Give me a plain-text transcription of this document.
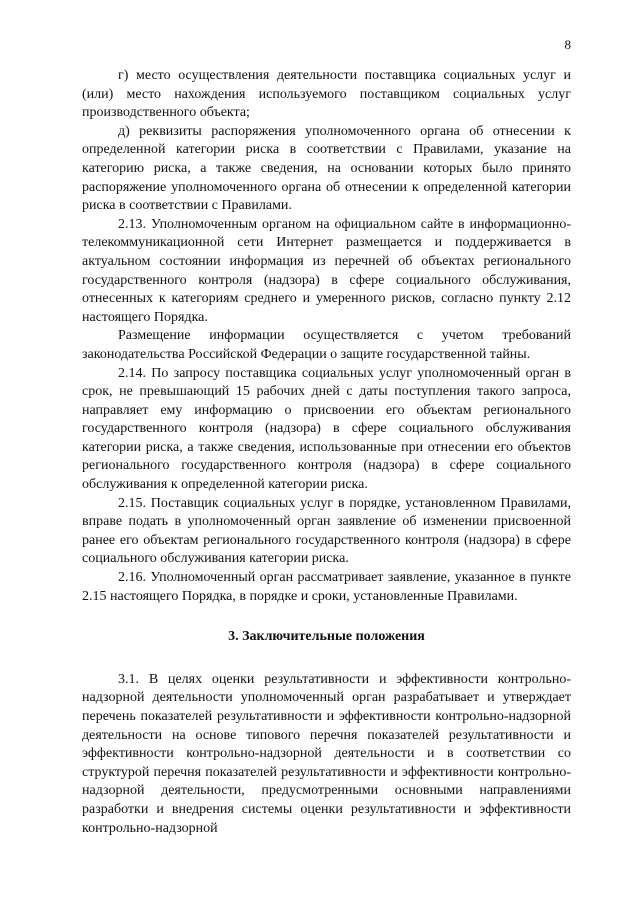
8

г) место осуществления деятельности поставщика социальных услуг и (или) место нахождения используемого поставщиком социальных услуг производственного объекта;

д) реквизиты распоряжения уполномоченного органа об отнесении к определенной категории риска в соответствии с Правилами, указание на категорию риска, а также сведения, на основании которых было принято распоряжение уполномоченного органа об отнесении к определенной категории риска в соответствии с Правилами.

2.13. Уполномоченным органом на официальном сайте в информационно-телекоммуникационной сети Интернет размещается и поддерживается в актуальном состоянии информация из перечней об объектах регионального государственного контроля (надзора) в сфере социального обслуживания, отнесенных к категориям среднего и умеренного рисков, согласно пункту 2.12 настоящего Порядка.

Размещение информации осуществляется с учетом требований законодательства Российской Федерации о защите государственной тайны.

2.14. По запросу поставщика социальных услуг уполномоченный орган в срок, не превышающий 15 рабочих дней с даты поступления такого запроса, направляет ему информацию о присвоении его объектам регионального государственного контроля (надзора) в сфере социального обслуживания категории риска, а также сведения, использованные при отнесении его объектов регионального государственного контроля (надзора) в сфере социального обслуживания к определенной категории риска.

2.15. Поставщик социальных услуг в порядке, установленном Правилами, вправе подать в уполномоченный орган заявление об изменении присвоенной ранее его объектам регионального государственного контроля (надзора) в сфере социального обслуживания категории риска.

2.16. Уполномоченный орган рассматривает заявление, указанное в пункте 2.15 настоящего Порядка, в порядке и сроки, установленные Правилами.

3. Заключительные положения

3.1. В целях оценки результативности и эффективности контрольно-надзорной деятельности уполномоченный орган разрабатывает и утверждает перечень показателей результативности и эффективности контрольно-надзорной деятельности на основе типового перечня показателей результативности и эффективности контрольно-надзорной деятельности и в соответствии со структурой перечня показателей результативности и эффективности контрольно-надзорной деятельности, предусмотренными основными направлениями разработки и внедрения системы оценки результативности и эффективности контрольно-надзорной
